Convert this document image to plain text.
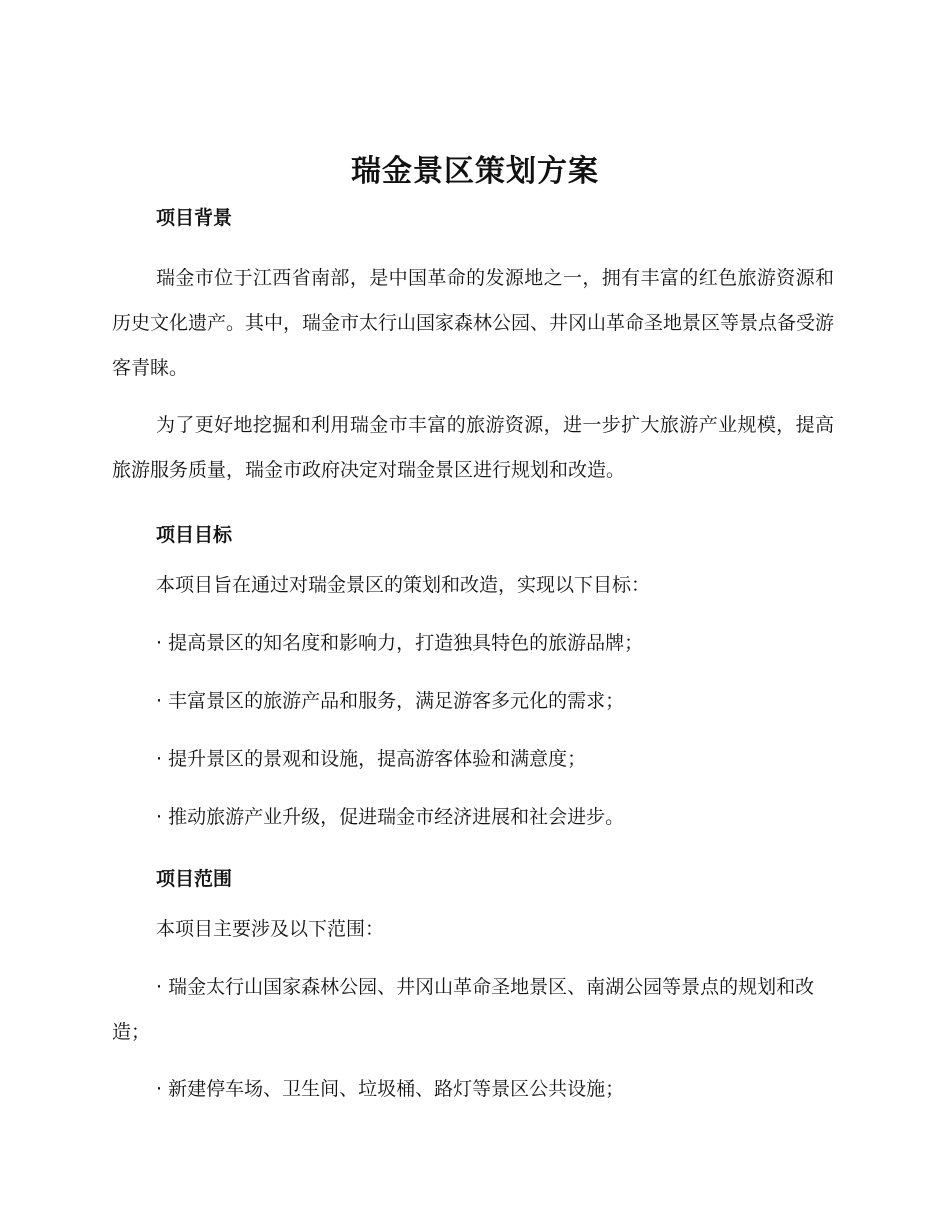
瑞金景区策划方案
项目背景

瑞金市位于江西省南部，是中国革命的发源地之一，拥有丰富的红色旅游资源和历史文化遗产。其中，瑞金市太行山国家森林公园、井冈山革命圣地景区等景点备受游客青睐。

为了更好地挖掘和利用瑞金市丰富的旅游资源，进一步扩大旅游产业规模，提高旅游服务质量，瑞金市政府决定对瑞金景区进行规划和改造。

项目目标

本项目旨在通过对瑞金景区的策划和改造，实现以下目标：

· 提高景区的知名度和影响力，打造独具特色的旅游品牌；

· 丰富景区的旅游产品和服务，满足游客多元化的需求；

· 提升景区的景观和设施，提高游客体验和满意度；

· 推动旅游产业升级，促进瑞金市经济进展和社会进步。

项目范围

本项目主要涉及以下范围：

· 瑞金太行山国家森林公园、井冈山革命圣地景区、南湖公园等景点的规划和改造；

· 新建停车场、卫生间、垃圾桶、路灯等景区公共设施；
